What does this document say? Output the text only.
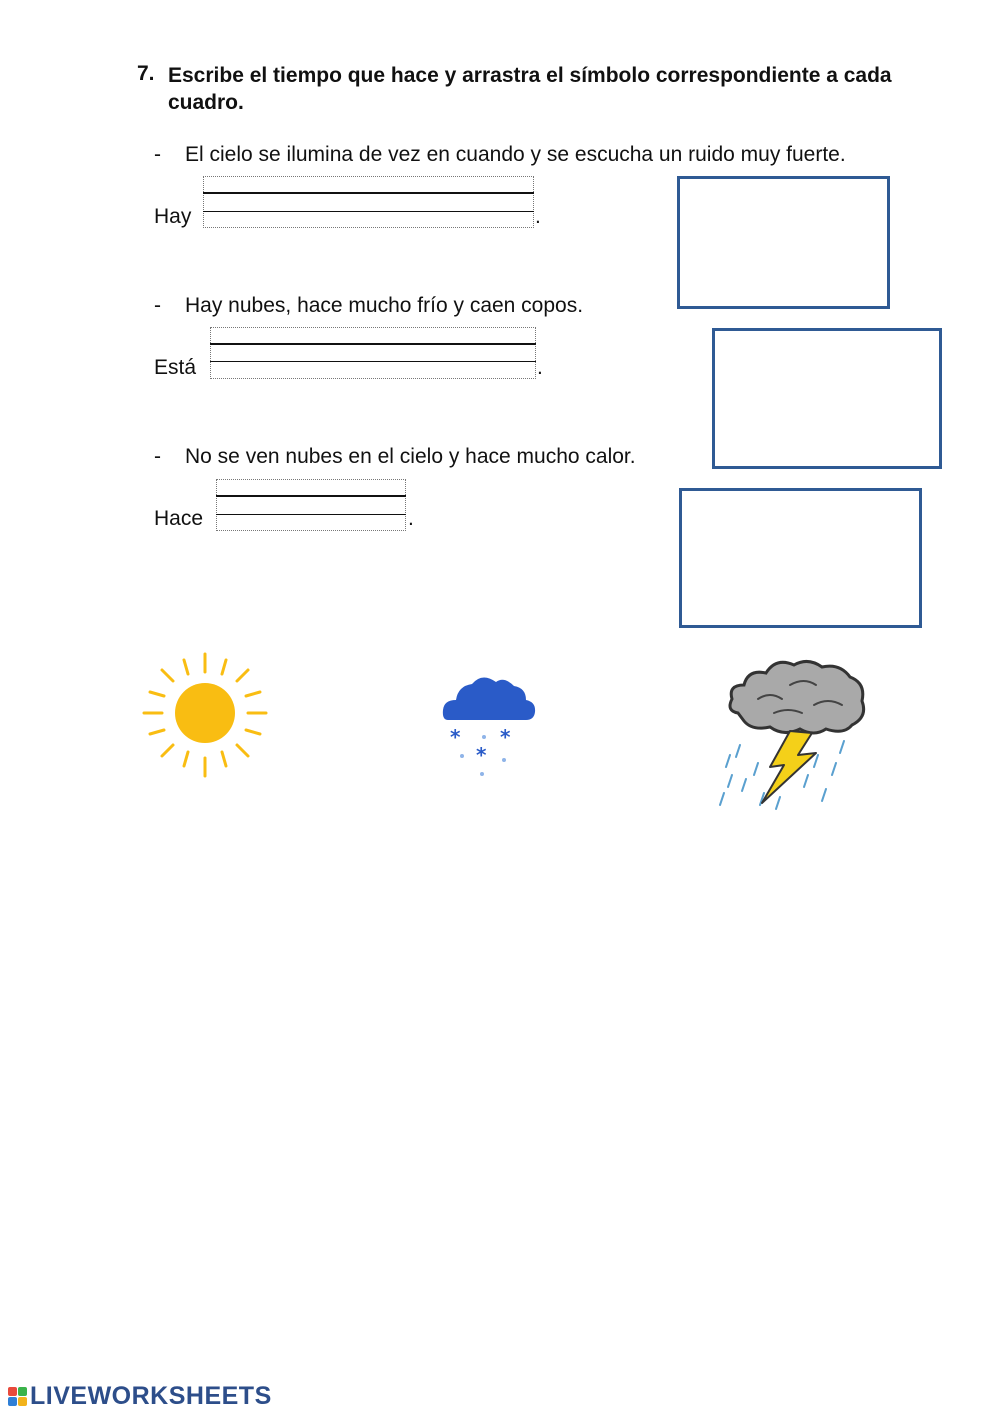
7. Escribe el tiempo que hace y arrastra el símbolo correspondiente a cada cuadro.
- El cielo se ilumina de vez en cuando y se escucha un ruido muy fuerte.
Hay	.
- Hay nubes, hace mucho frío y caen copos.
Está	.
- No se ven nubes en el cielo y hace mucho calor.
Hace	.
* *
*
LIVEWORKSHEETS
